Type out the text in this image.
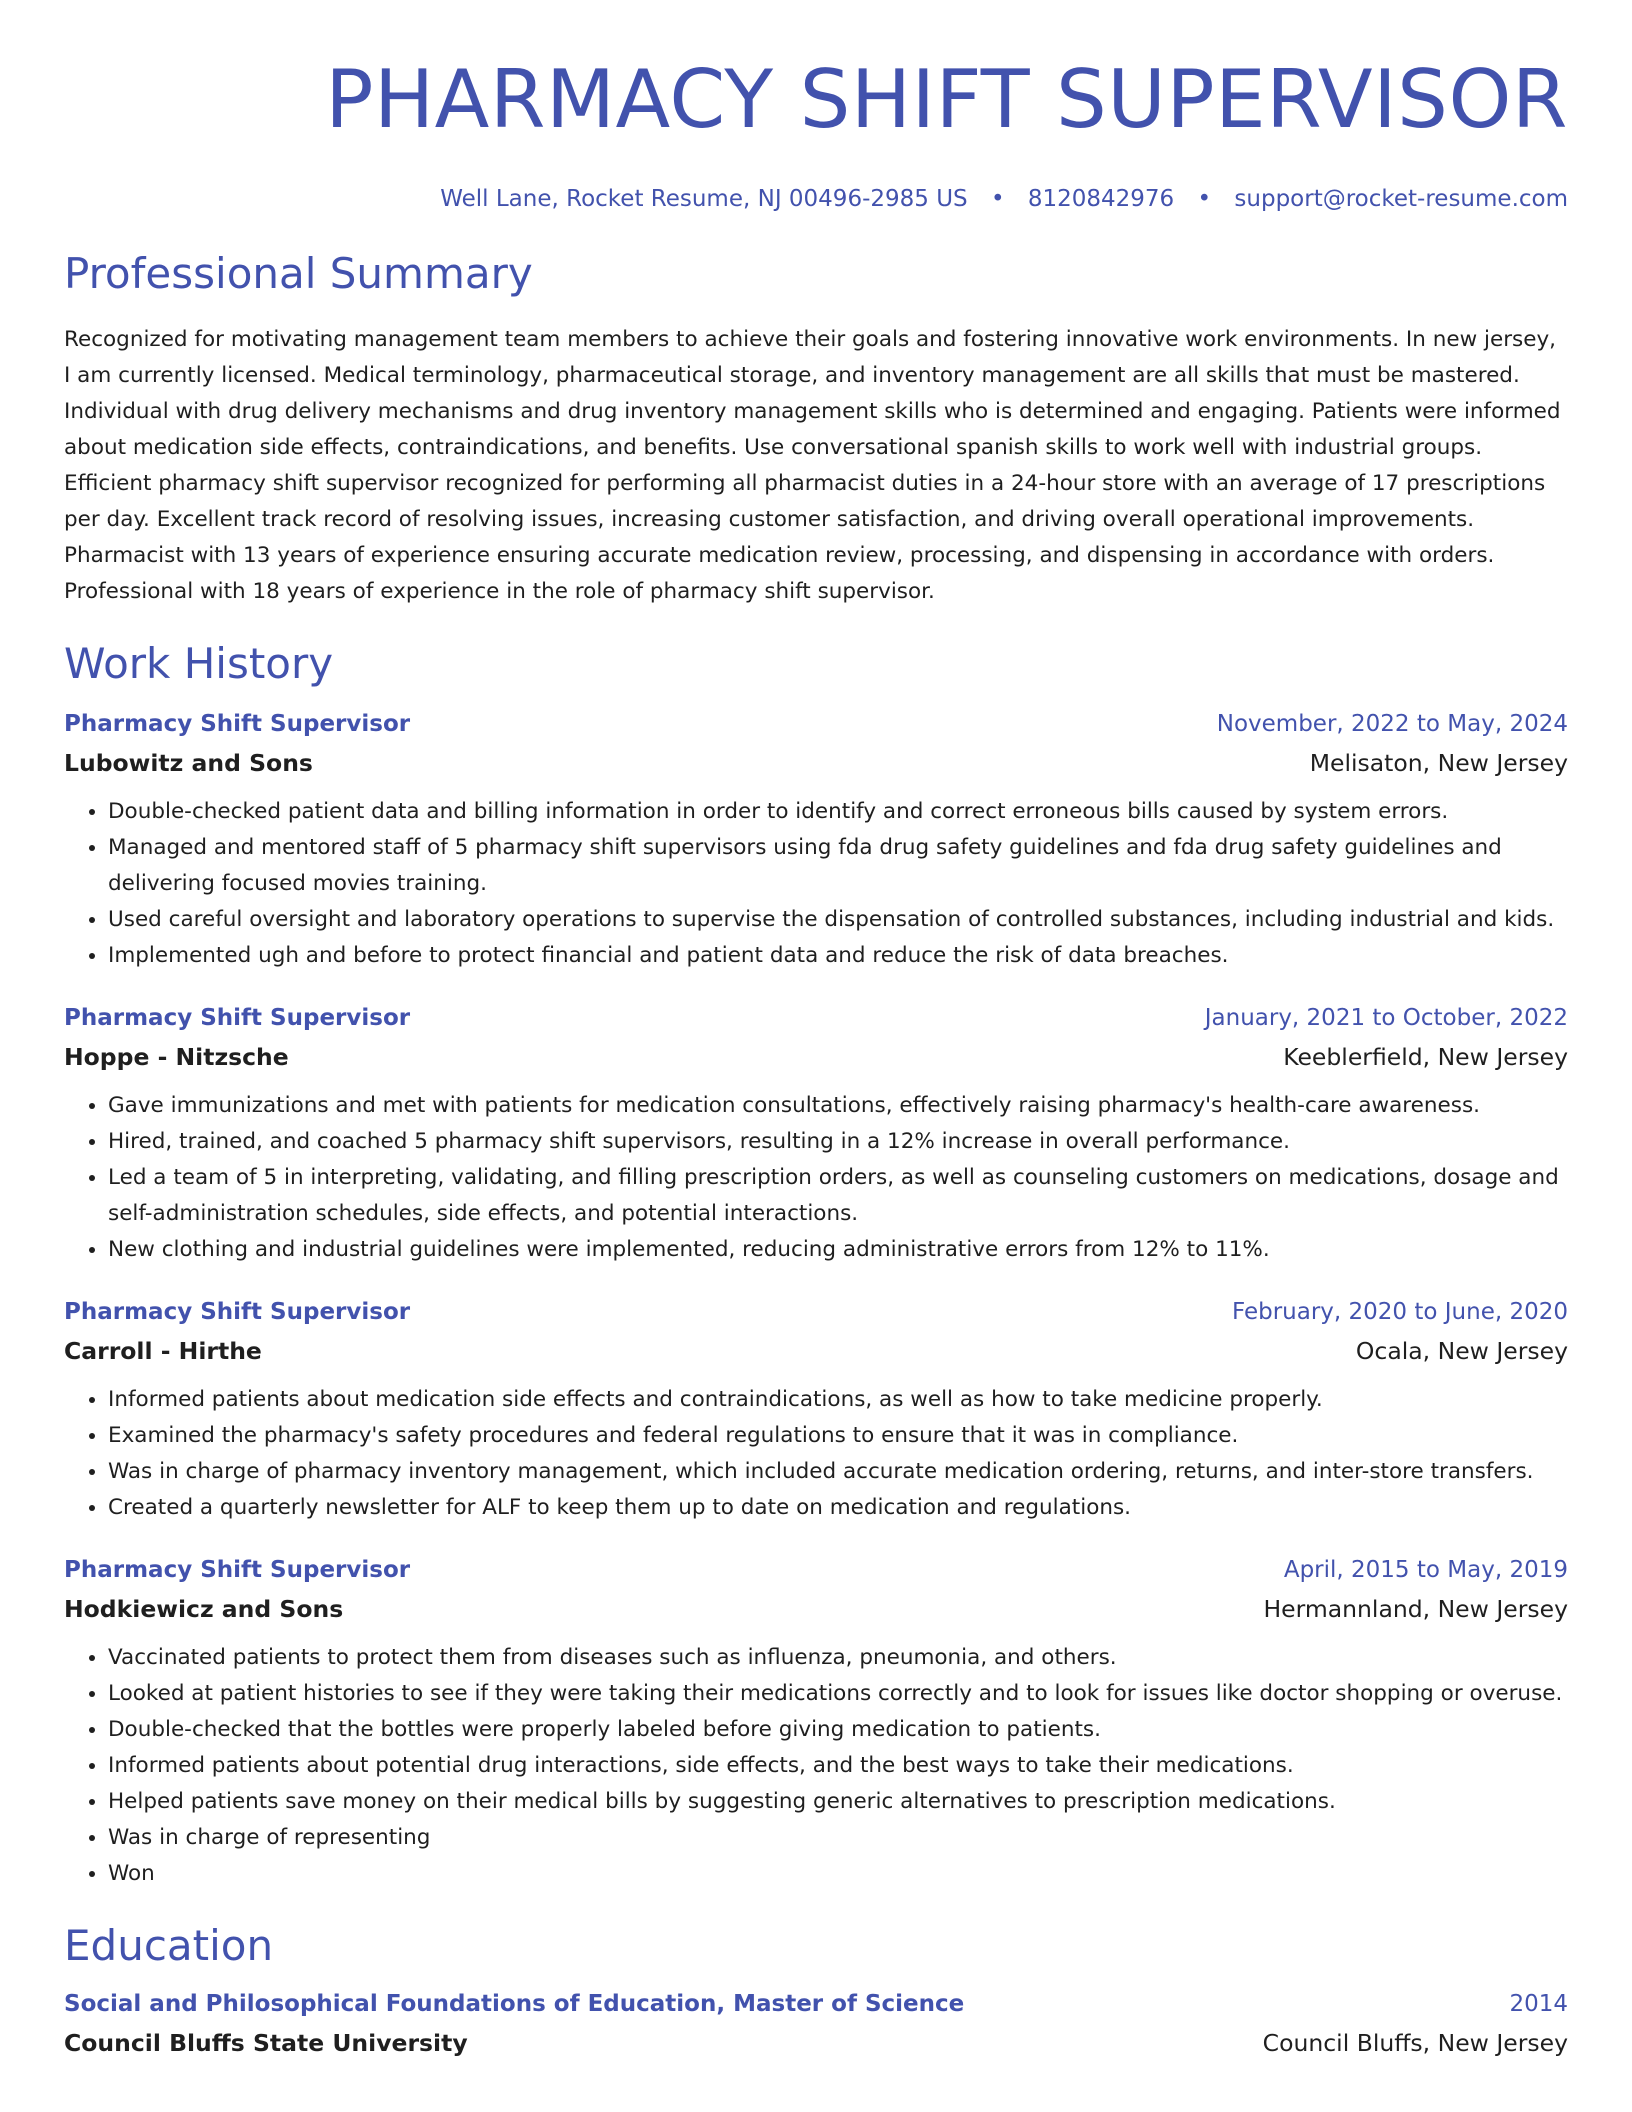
PHARMACY SHIFT SUPERVISOR
Well Lane, Rocket Resume, NJ 00496-2985 US • 8120842976 • support@rocket-resume.com
Professional Summary
Recognized for motivating management team members to achieve their goals and fostering innovative work environments. In new jersey, I am currently licensed. Medical terminology, pharmaceutical storage, and inventory management are all skills that must be mastered. Individual with drug delivery mechanisms and drug inventory management skills who is determined and engaging. Patients were informed about medication side effects, contraindications, and benefits. Use conversational spanish skills to work well with industrial groups. Efficient pharmacy shift supervisor recognized for performing all pharmacist duties in a 24-hour store with an average of 17 prescriptions per day. Excellent track record of resolving issues, increasing customer satisfaction, and driving overall operational improvements. Pharmacist with 13 years of experience ensuring accurate medication review, processing, and dispensing in accordance with orders. Professional with 18 years of experience in the role of pharmacy shift supervisor.
Work History
Pharmacy Shift Supervisor	November, 2022 to May, 2024
Lubowitz and Sons	Melisaton, New Jersey
• Double-checked patient data and billing information in order to identify and correct erroneous bills caused by system errors.
• Managed and mentored staff of 5 pharmacy shift supervisors using fda drug safety guidelines and fda drug safety guidelines and delivering focused movies training.
• Used careful oversight and laboratory operations to supervise the dispensation of controlled substances, including industrial and kids.
• Implemented ugh and before to protect financial and patient data and reduce the risk of data breaches.
Pharmacy Shift Supervisor	January, 2021 to October, 2022
Hoppe - Nitzsche	Keeblerfield, New Jersey
• Gave immunizations and met with patients for medication consultations, effectively raising pharmacy's health-care awareness.
• Hired, trained, and coached 5 pharmacy shift supervisors, resulting in a 12% increase in overall performance.
• Led a team of 5 in interpreting, validating, and filling prescription orders, as well as counseling customers on medications, dosage and self-administration schedules, side effects, and potential interactions.
• New clothing and industrial guidelines were implemented, reducing administrative errors from 12% to 11%.
Pharmacy Shift Supervisor	February, 2020 to June, 2020
Carroll - Hirthe	Ocala, New Jersey
• Informed patients about medication side effects and contraindications, as well as how to take medicine properly.
• Examined the pharmacy's safety procedures and federal regulations to ensure that it was in compliance.
• Was in charge of pharmacy inventory management, which included accurate medication ordering, returns, and inter-store transfers.
• Created a quarterly newsletter for ALF to keep them up to date on medication and regulations.
Pharmacy Shift Supervisor	April, 2015 to May, 2019
Hodkiewicz and Sons	Hermannland, New Jersey
• Vaccinated patients to protect them from diseases such as influenza, pneumonia, and others.
• Looked at patient histories to see if they were taking their medications correctly and to look for issues like doctor shopping or overuse.
• Double-checked that the bottles were properly labeled before giving medication to patients.
• Informed patients about potential drug interactions, side effects, and the best ways to take their medications.
• Helped patients save money on their medical bills by suggesting generic alternatives to prescription medications.
• Was in charge of representing
• Won
Education
Social and Philosophical Foundations of Education, Master of Science	2014
Council Bluffs State University	Council Bluffs, New Jersey
